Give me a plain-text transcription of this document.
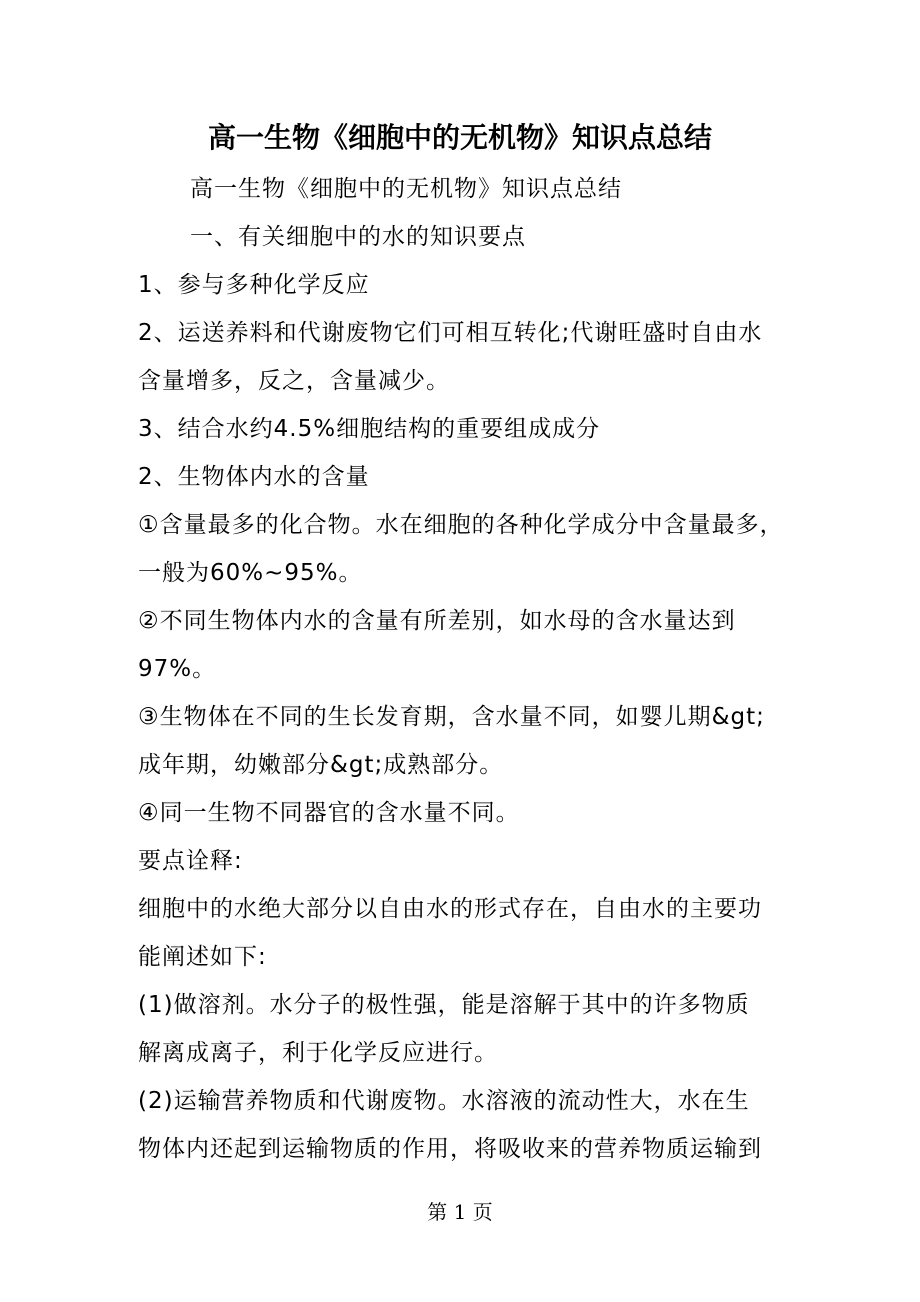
高一生物《细胞中的无机物》知识点总结
高一生物《细胞中的无机物》知识点总结
一、有关细胞中的水的知识要点
1、参与多种化学反应
2、运送养料和代谢废物它们可相互转化;代谢旺盛时自由水
含量增多，反之，含量减少。
3、结合水约4.5%细胞结构的重要组成成分
2、生物体内水的含量
①含量最多的化合物。水在细胞的各种化学成分中含量最多，
一般为60%~95%。
②不同生物体内水的含量有所差别，如水母的含水量达到
97%。
③生物体在不同的生长发育期，含水量不同，如婴儿期&gt;
成年期，幼嫩部分&gt;成熟部分。
④同一生物不同器官的含水量不同。
要点诠释:
细胞中的水绝大部分以自由水的形式存在，自由水的主要功
能阐述如下:
(1)做溶剂。水分子的极性强，能是溶解于其中的许多物质
解离成离子，利于化学反应进行。
(2)运输营养物质和代谢废物。水溶液的流动性大，水在生
物体内还起到运输物质的作用，将吸收来的营养物质运输到
第 1 页
